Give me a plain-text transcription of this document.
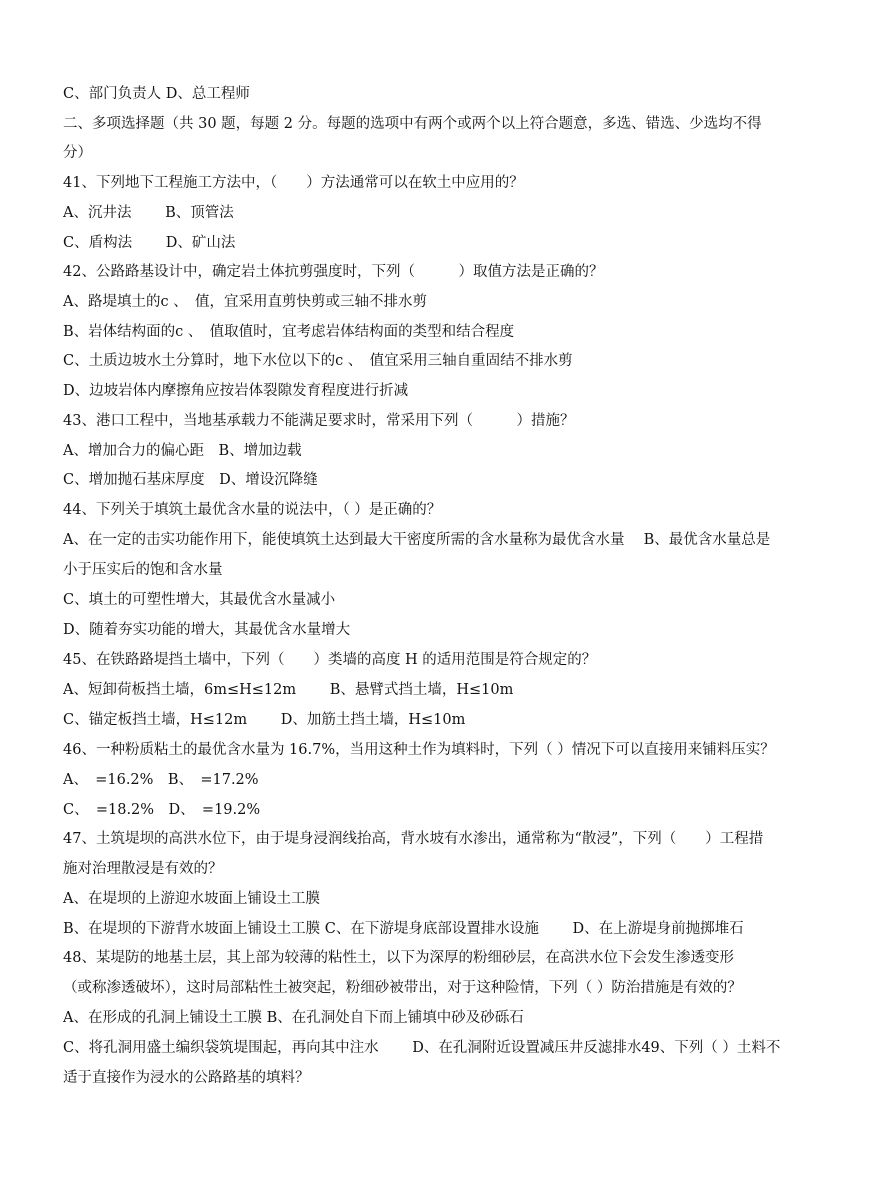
C、部门负责人 D、总工程师
二、多项选择题（共 30 题，每题 2 分。每题的选项中有两个或两个以上符合题意，多选、错选、少选均不得
分）
41、下列地下工程施工方法中，（　　）方法通常可以在软土中应用的？
A、沉井法　　 B、顶管法
C、盾构法　　 D、矿山法
42、公路路基设计中，确定岩土体抗剪强度时，下列（　　　）取值方法是正确的？
A、路堤填土的c 、　值，宜采用直剪快剪或三轴不排水剪
B、岩体结构面的c 、　值取值时，宜考虑岩体结构面的类型和结合程度
C、土质边坡水土分算时，地下水位以下的c 、　值宜采用三轴自重固结不排水剪
D、边坡岩体内摩擦角应按岩体裂隙发育程度进行折减
43、港口工程中，当地基承载力不能满足要求时，常采用下列（　　　）措施？
A、增加合力的偏心距　B、增加边载
C、增加抛石基床厚度　D、增设沉降缝
44、下列关于填筑土最优含水量的说法中，（ ）是正确的？
A、在一定的击实功能作用下，能使填筑土达到最大干密度所需的含水量称为最优含水量　 B、最优含水量总是
小于压实后的饱和含水量
C、填土的可塑性增大，其最优含水量减小
D、随着夯实功能的增大，其最优含水量增大
45、在铁路路堤挡土墙中，下列（　　）类墙的高度 H 的适用范围是符合规定的？
A、短卸荷板挡土墙，6m≤H≤12m　　 B、悬臂式挡土墙，H≤10m
C、锚定板挡土墙，H≤12m　　 D、加筋土挡土墙，H≤10m
46、一种粉质粘土的最优含水量为 16.7%，当用这种土作为填料时，下列（ ）情况下可以直接用来铺料压实？
A、　=16.2%　B、　=17.2%
C、　=18.2%　D、　=19.2%
47、土筑堤坝的高洪水位下，由于堤身浸润线抬高，背水坡有水渗出，通常称为“散浸”，下列（　　）工程措
施对治理散浸是有效的？
A、在堤坝的上游迎水坡面上铺设土工膜
B、在堤坝的下游背水坡面上铺设土工膜 C、在下游堤身底部设置排水设施　　 D、在上游堤身前抛掷堆石
48、某堤防的地基土层，其上部为较薄的粘性土，以下为深厚的粉细砂层，在高洪水位下会发生渗透变形
（或称渗透破坏），这时局部粘性土被突起，粉细砂被带出，对于这种险情，下列（ ）防治措施是有效的？
A、在形成的孔洞上铺设土工膜 B、在孔洞处自下而上铺填中砂及砂砾石
C、将孔洞用盛土编织袋筑堤围起，再向其中注水　　 D、在孔洞附近设置减压井反滤排水49、下列（ ）土料不
适于直接作为浸水的公路路基的填料？
